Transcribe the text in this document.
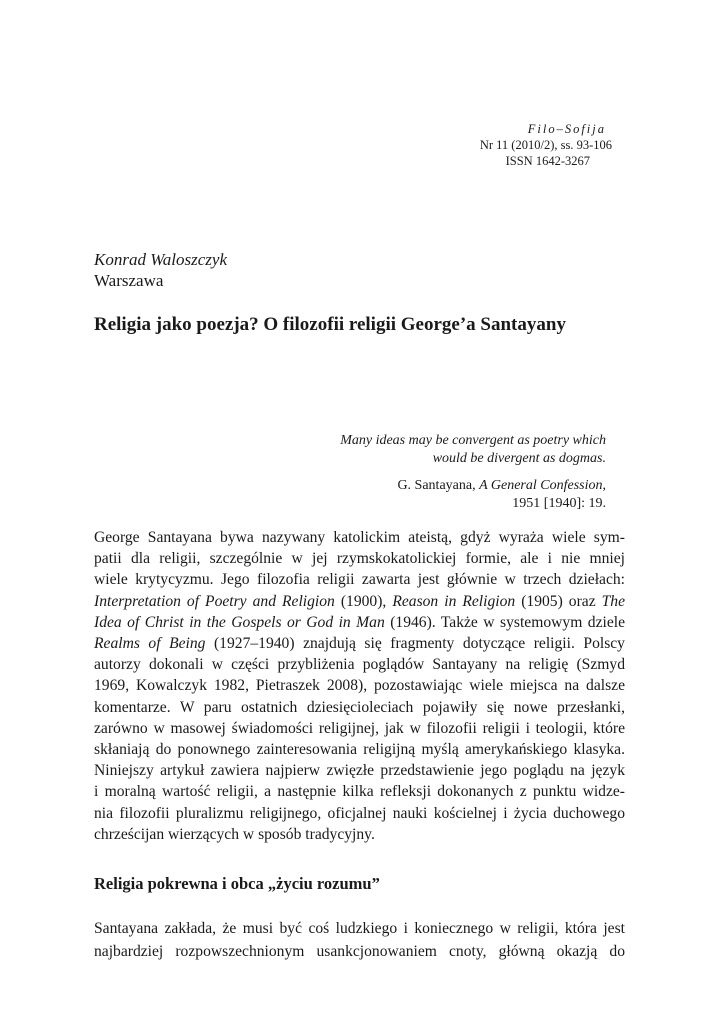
Filo–Sofija
Nr 11 (2010/2), ss. 93-106
ISSN 1642-3267
Konrad Waloszczyk
Warszawa
Religia jako poezja? O filozofii religii George’a Santayany
Many ideas may be convergent as poetry which
would be divergent as dogmas.
G. Santayana, A General Confession,
1951 [1940]: 19.
George Santayana bywa nazywany katolickim ateistą, gdyż wyraża wiele sym-
patii dla religii, szczególnie w jej rzymskokatolickiej formie, ale i nie mniej
wiele krytycyzmu. Jego filozofia religii zawarta jest głównie w trzech dziełach:
Interpretation of Poetry and Religion (1900), Reason in Religion (1905) oraz The
Idea of Christ in the Gospels or God in Man (1946). Także w systemowym dziele
Realms of Being (1927–1940) znajdują się fragmenty dotyczące religii. Polscy
autorzy dokonali w części przybliżenia poglądów Santayany na religię (Szmyd
1969, Kowalczyk 1982, Pietraszek 2008), pozostawiając wiele miejsca na dalsze
komentarze. W paru ostatnich dziesięcioleciach pojawiły się nowe przesłanki,
zarówno w masowej świadomości religijnej, jak w filozofii religii i teologii, które
skłaniają do ponownego zainteresowania religijną myślą amerykańskiego klasyka.
Niniejszy artykuł zawiera najpierw zwięzłe przedstawienie jego poglądu na język
i moralną wartość religii, a następnie kilka refleksji dokonanych z punktu widze-
nia filozofii pluralizmu religijnego, oficjalnej nauki kościelnej i życia duchowego
chrześcijan wierzących w sposób tradycyjny.
Religia pokrewna i obca „życiu rozumu”
Santayana zakłada, że musi być coś ludzkiego i koniecznego w religii, która jest
najbardziej rozpowszechnionym usankcjonowaniem cnoty, główną okazją do
